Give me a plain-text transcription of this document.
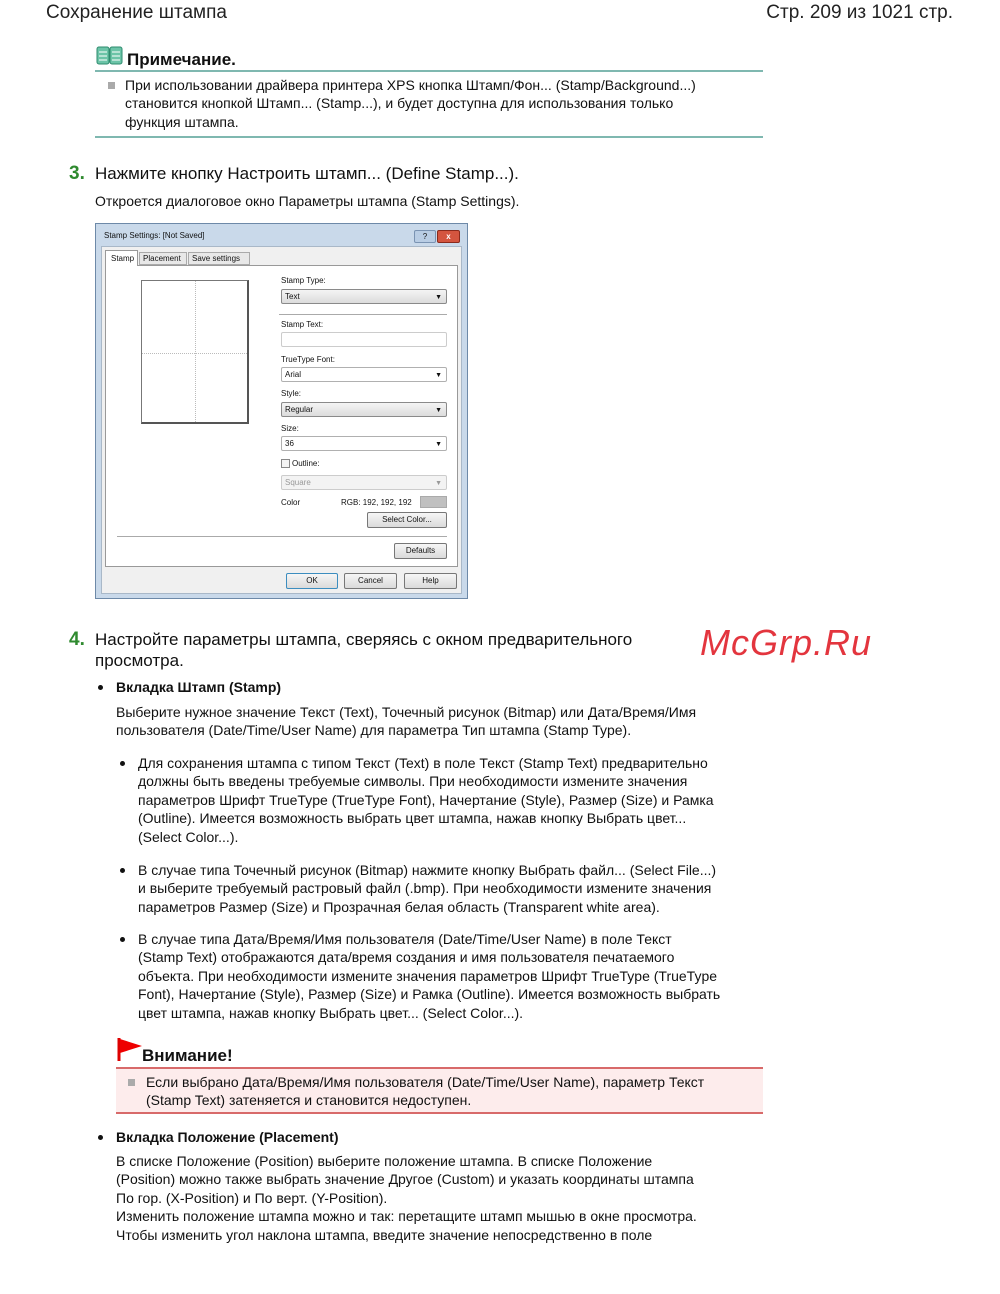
Сохранение штампа	Стр. 209 из 1021 стр.
Примечание.
При использовании драйвера принтера XPS кнопка Штамп/Фон... (Stamp/Background...)
становится кнопкой Штамп... (Stamp...), и будет доступна для использования только
функция штампа.
3. Нажмите кнопку Настроить штамп... (Define Stamp...).
Откроется диалоговое окно Параметры штампа (Stamp Settings).
Stamp Settings: [Not Saved]	?	x
Stamp	Placement	Save settings
Stamp Type:
Text	▼
Stamp Text:
TrueType Font:
Arial	▼
Style:
Regular	▼
Size:
36	▼
Outline:
Square	▼
Color	RGB: 192, 192, 192
Select Color...
Defaults
OK	Cancel	Help
4. Настройте параметры штампа, сверяясь с окном предварительного
просмотра.	McGrp.Ru
Вкладка Штамп (Stamp)
Выберите нужное значение Текст (Text), Точечный рисунок (Bitmap) или Дата/Время/Имя
пользователя (Date/Time/User Name) для параметра Тип штампа (Stamp Type).
Для сохранения штампа с типом Текст (Text) в поле Текст (Stamp Text) предварительно
должны быть введены требуемые символы. При необходимости измените значения
параметров Шрифт TrueType (TrueType Font), Начертание (Style), Размер (Size) и Рамка
(Outline). Имеется возможность выбрать цвет штампа, нажав кнопку Выбрать цвет...
(Select Color...).
В случае типа Точечный рисунок (Bitmap) нажмите кнопку Выбрать файл... (Select File...)
и выберите требуемый растровый файл (.bmp). При необходимости измените значения
параметров Размер (Size) и Прозрачная белая область (Transparent white area).
В случае типа Дата/Время/Имя пользователя (Date/Time/User Name) в поле Текст
(Stamp Text) отображаются дата/время создания и имя пользователя печатаемого
объекта. При необходимости измените значения параметров Шрифт TrueType (TrueType
Font), Начертание (Style), Размер (Size) и Рамка (Outline). Имеется возможность выбрать
цвет штампа, нажав кнопку Выбрать цвет... (Select Color...).
Внимание!
Если выбрано Дата/Время/Имя пользователя (Date/Time/User Name), параметр Текст
(Stamp Text) затеняется и становится недоступен.
Вкладка Положение (Placement)
В списке Положение (Position) выберите положение штампа. В списке Положение
(Position) можно также выбрать значение Другое (Custom) и указать координаты штампа
По гор. (X-Position) и По верт. (Y-Position).
Изменить положение штампа можно и так: перетащите штамп мышью в окне просмотра.
Чтобы изменить угол наклона штампа, введите значение непосредственно в поле
